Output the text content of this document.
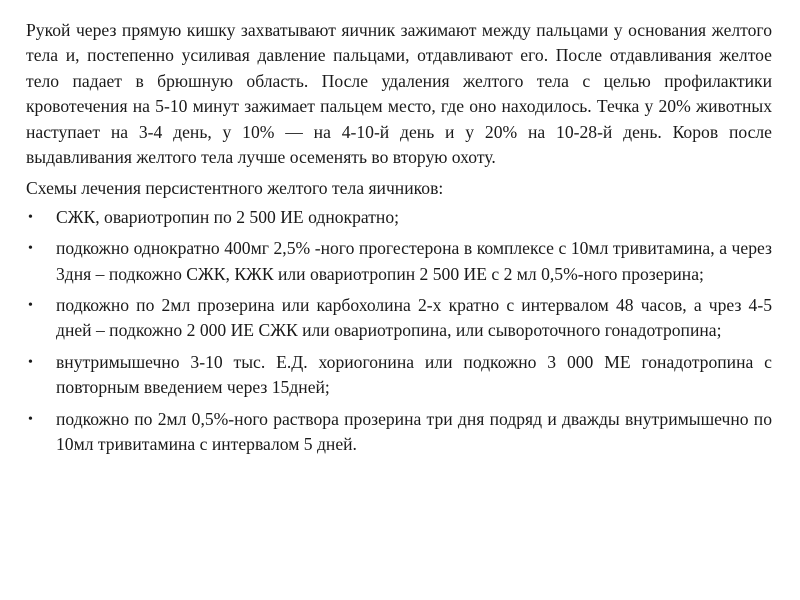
Рукой через прямую кишку захватывают яичник зажимают между пальцами у основания желтого тела и, постепенно усиливая давление пальцами, отдавливают его. После отдавливания желтое тело падает в брюшную область. После удаления желтого тела с целью профилактики кровотечения на 5-10 минут зажимает пальцем место, где оно находилось. Течка у 20% животных наступает на 3-4 день, у 10% — на 4-10-й день и у 20% на 10-28-й день. Коров после выдавливания желтого тела лучше осеменять во вторую охоту.

Схемы лечения персистентного желтого тела яичников:

• СЖК, овариотропин по 2 500 ИЕ однократно;
• подкожно однократно 400мг 2,5% -ного прогестерона в комплексе с 10мл тривитамина, а через 3дня – подкожно СЖК, КЖК или овариотропин 2 500 ИЕ с 2 мл 0,5%-ного прозерина;
• подкожно по 2мл прозерина или карбохолина 2-х кратно с интервалом 48 часов, а чрез 4-5 дней – подкожно 2 000 ИЕ СЖК или овариотропина, или сывороточного гонадотропина;
• внутримышечно 3-10 тыс. Е.Д. хориогонина или подкожно 3 000 МЕ гонадотропина с повторным введением через 15дней;
• подкожно по 2мл 0,5%-ного раствора прозерина три дня подряд и дважды внутримышечно по 10мл тривитамина с интервалом 5 дней.
